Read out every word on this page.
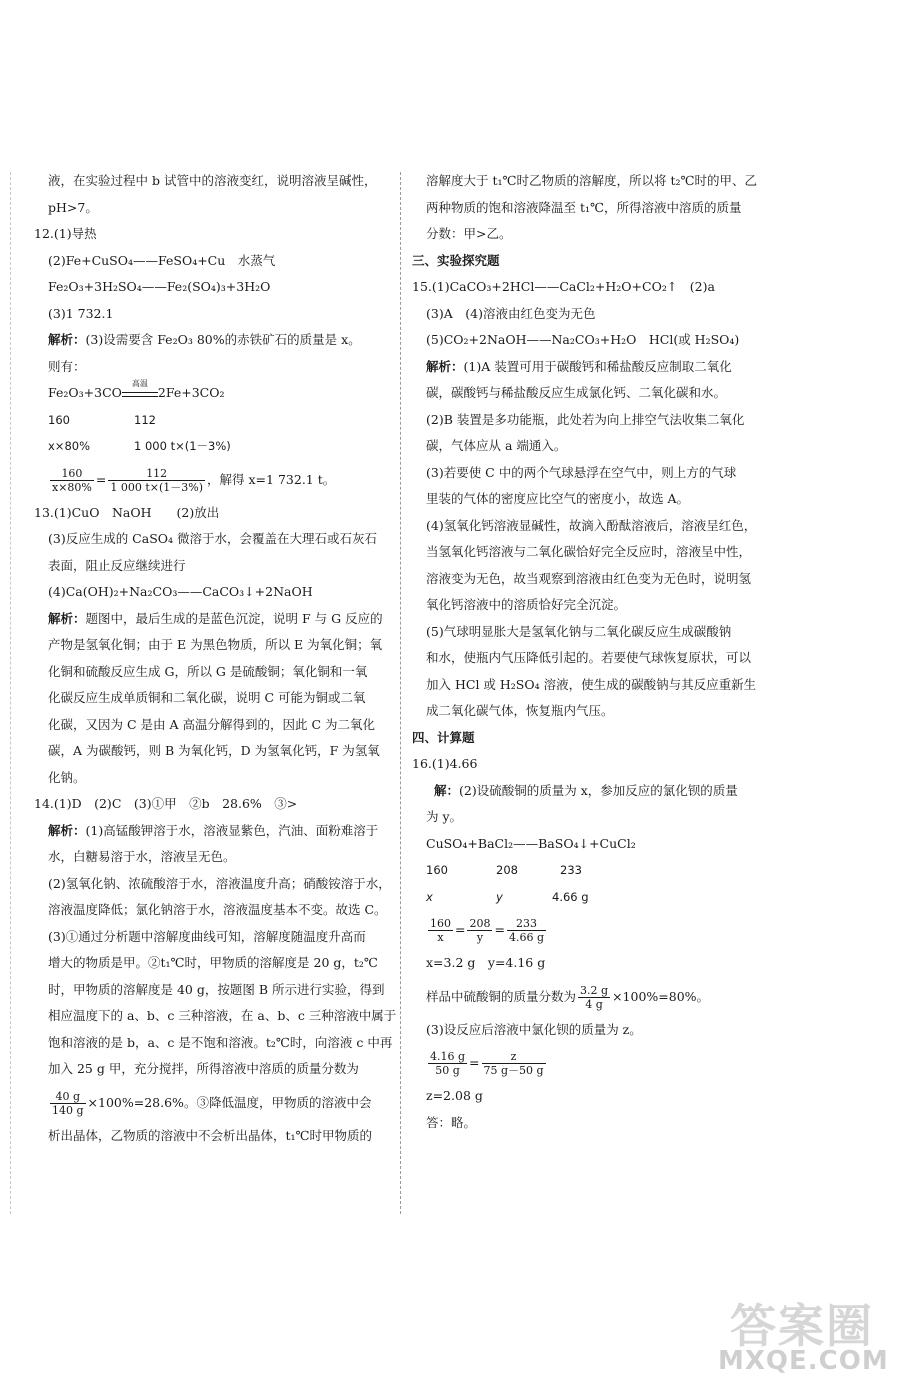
液，在实验过程中 b 试管中的溶液变红，说明溶液呈碱性，
pH>7。
12.(1)导热
(2)Fe+CuSO₄——FeSO₄+Cu　水蒸气
Fe₂O₃+3H₂SO₄——Fe₂(SO₄)₃+3H₂O
(3)1 732.1
解析：(3)设需要含 Fe₂O₃ 80%的赤铁矿石的质量是 x。
则有：
Fe₂O₃+3CO
高温
2Fe+3CO₂
160	112
x×80%	1 000 t×(1－3%)
$\frac{160}{x\times 80\%} = \frac{112}{1 000 t\times(1-3\%)}$ ，解得 x=1 732.1 t。
13.(1)CuO　NaOH　　(2)放出
(3)反应生成的 CaSO₄ 微溶于水，会覆盖在大理石或石灰石
表面，阻止反应继续进行
(4)Ca(OH)₂+Na₂CO₃——CaCO₃↓+2NaOH
解析：题图中，最后生成的是蓝色沉淀，说明 F 与 G 反应的
产物是氢氧化铜；由于 E 为黑色物质，所以 E 为氧化铜；氧
化铜和硫酸反应生成 G，所以 G 是硫酸铜；氧化铜和一氧
化碳反应生成单质铜和二氧化碳，说明 C 可能为铜或二氧
化碳，又因为 C 是由 A 高温分解得到的，因此 C 为二氧化
碳，A 为碳酸钙，则 B 为氧化钙，D 为氢氧化钙，F 为氢氧
化钠。
14.(1)D　(2)C　(3)①甲　②b　28.6%　③>
解析：(1)高锰酸钾溶于水，溶液显紫色，汽油、面粉难溶于
水，白糖易溶于水，溶液呈无色。
(2)氢氧化钠、浓硫酸溶于水，溶液温度升高；硝酸铵溶于水，
溶液温度降低；氯化钠溶于水，溶液温度基本不变。故选 C。
(3)①通过分析题中溶解度曲线可知，溶解度随温度升高而
增大的物质是甲。②t₁℃时，甲物质的溶解度是 20 g，t₂℃
时，甲物质的溶解度是 40 g，按题图 B 所示进行实验，得到
相应温度下的 a、b、c 三种溶液，在 a、b、c 三种溶液中属于
饱和溶液的是 b，a、c 是不饱和溶液。t₂℃时，向溶液 c 中再
加入 25 g 甲，充分搅拌，所得溶液中溶质的质量分数为
$\frac{40 g}{140 g} \times 100\%=28.6\%$。③降低温度，甲物质的溶液中会
析出晶体，乙物质的溶液中不会析出晶体，t₁℃时甲物质的
溶解度大于 t₁℃时乙物质的溶解度，所以将 t₂℃时的甲、乙
两种物质的饱和溶液降温至 t₁℃，所得溶液中溶质的质量
分数：甲>乙。
三、实验探究题
15.(1)CaCO₃+2HCl——CaCl₂+H₂O+CO₂↑　(2)a
(3)A　(4)溶液由红色变为无色
(5)CO₂+2NaOH——Na₂CO₃+H₂O　HCl(或 H₂SO₄)
解析：(1)A 装置可用于碳酸钙和稀盐酸反应制取二氧化
碳，碳酸钙与稀盐酸反应生成氯化钙、二氧化碳和水。
(2)B 装置是多功能瓶，此处若为向上排空气法收集二氧化
碳，气体应从 a 端通入。
(3)若要使 C 中的两个气球悬浮在空气中，则上方的气球
里装的气体的密度应比空气的密度小，故选 A。
(4)氢氧化钙溶液显碱性，故滴入酚酞溶液后，溶液呈红色，
当氢氧化钙溶液与二氧化碳恰好完全反应时，溶液呈中性，
溶液变为无色，故当观察到溶液由红色变为无色时，说明氢
氧化钙溶液中的溶质恰好完全沉淀。
(5)气球明显胀大是氢氧化钠与二氧化碳反应生成碳酸钠
和水，使瓶内气压降低引起的。若要使气球恢复原状，可以
加入 HCl 或 H₂SO₄ 溶液，使生成的碳酸钠与其反应重新生
成二氧化碳气体，恢复瓶内气压。
四、计算题
16.(1)4.66
解：(2)设硫酸铜的质量为 x，参加反应的氯化钡的质量
为 y。
CuSO₄+BaCl₂——BaSO₄↓+CuCl₂
160	208	233
x	y	4.66 g
$\frac{160}{x} = \frac{208}{y} = \frac{233}{4.66 g}$
x=3.2 g　y=4.16 g
样品中硫酸铜的质量分数为 $\frac{3.2 g}{4 g} \times 100\%=80\%$。
(3)设反应后溶液中氯化钡的质量为 z。
$\frac{4.16 g}{50 g} = \frac{z}{75 g-50 g}$
z=2.08 g
答：略。
答案圈
MXQE.COM
